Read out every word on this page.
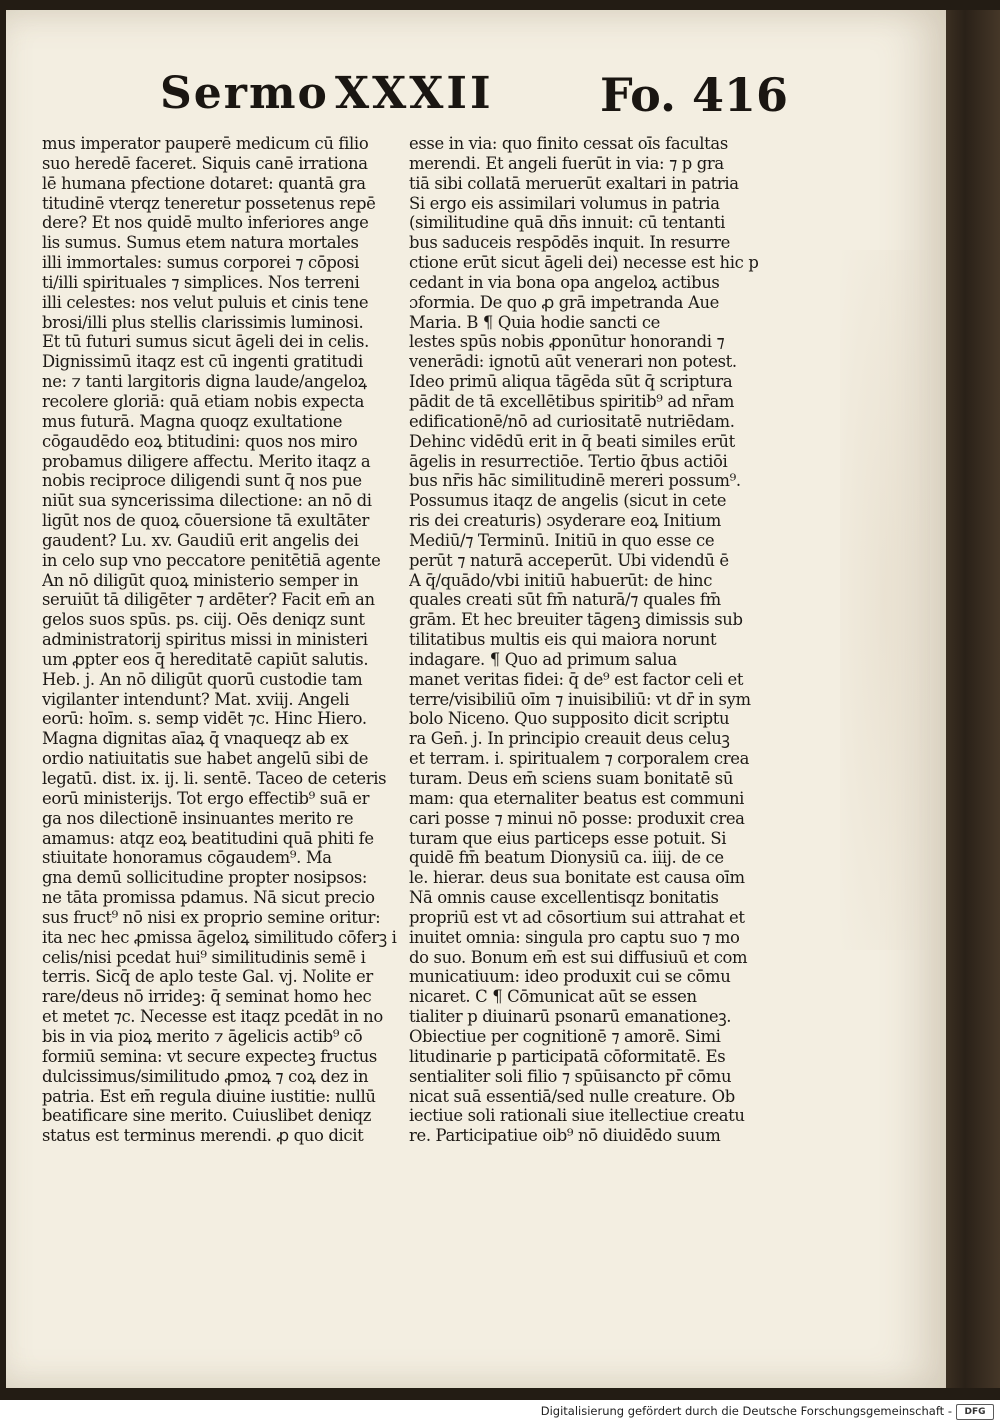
Sermo XXXII Fo. 416
mus imperator pauperē medicum cū filio
suo heredē faceret. Siquis canē irrationa
lē humana pfectione dotaret: quantā gra
titudinē vterqz teneretur possetenus repē
dere? Et nos quidē multo inferiores ange
lis sumus. Sumus etem natura mortales
illi immortales: sumus corporei ⁊ cōposi
ti/illi spirituales ⁊ simplices. Nos terreni
illi celestes: nos velut puluis et cinis tene
brosi/illi plus stellis clarissimis luminosi.
Et tū futuri sumus sicut āgeli dei in celis.
Dignissimū itaqz est cū ingenti gratitudi
ne: ⁊ tanti largitoris digna laude/angeloꝝ
recolere gloriā: quā etiam nobis expecta
mus futurā. Magna quoqz exultatione
cōgaudēdo eoꝝ btitudini: quos nos miro
probamus diligere affectu. Merito itaqz a
nobis reciproce diligendi sunt q̄ nos pue
niūt sua syncerissima dilectione: an nō di
ligūt nos de quoꝝ cōuersione tā exultāter
gaudent? Lu. xv. Gaudiū erit angelis dei
in celo sup vno peccatore penitētiā agente
An nō diligūt quoꝝ ministerio semper in
seruiūt tā diligēter ⁊ ardēter? Facit em̄ an
gelos suos spūs. ps. ciij. Oēs deniqz sunt
administratorij spiritus missi in ministeri
um ꝓpter eos q̄ hereditatē capiūt salutis.
Heb. j. An nō diligūt quorū custodie tam
vigilanter intendunt? Mat. xviij. Angeli
eorū: hoīm. s. semp vidēt ⁊c. Hinc Hiero.
Magna dignitas aīaꝝ q̄ vnaqueqz ab ex
ordio natiuitatis sue habet angelū sibi de
legatū. dist. ix. ij. li. sentē. Taceo de ceteris
eorū ministerijs. Tot ergo effectib⁹ suā er
ga nos dilectionē insinuantes merito re
amamus: atqz eoꝝ beatitudini quā phiti fe
stiuitate honoramus cōgaudem⁹. Ma
gna demū sollicitudine propter nosipsos:
ne tāta promissa pdamus. Nā sicut precio
sus fruct⁹ nō nisi ex proprio semine oritur:
ita nec hec ꝓmissa āgeloꝝ similitudo cōferꝫ i
celis/nisi pcedat hui⁹ similitudinis semē i
terris. Sicq̄ de aplo teste Gal. vj. Nolite er
rare/deus nō irrideꝫ: q̄ seminat homo hec
et metet ⁊c. Necesse est itaqz pcedāt in no
bis in via pioꝝ merito ⁊ āgelicis actib⁹ cō
formiū semina: vt secure expecteꝫ fructus
dulcissimus/similitudo ꝓmoꝝ ⁊ coꝝ dez in
patria. Est em̄ regula diuine iustitie: nullū
beatificare sine merito. Cuiuslibet deniqz
status est terminus merendi. ꝓ quo dicit
esse in via: quo finito cessat oīs facultas
merendi. Et angeli fuerūt in via: ⁊ p gra
tiā sibi collatā meruerūt exaltari in patria
Si ergo eis assimilari volumus in patria
(similitudine quā dn̄s innuit: cū tentanti
bus saduceis respōdēs inquit. In resurre
ctione erūt sicut āgeli dei) necesse est hic p
cedant in via bona opa angeloꝝ actibus
ɔformia. De quo ꝓ grā impetranda Aue
Maria. B ¶ Quia hodie sancti ce
lestes spūs nobis ꝓponūtur honorandi ⁊
venerādi: ignotū aūt venerari non potest.
Ideo primū aliqua tāgēda sūt q̄ scriptura
pādit de tā excellētibus spiritib⁹ ad nr̄am
edificationē/nō ad curiositatē nutriēdam.
Dehinc vidēdū erit in q̄ beati similes erūt
āgelis in resurrectiōe. Tertio q̄bus actiōi
bus nr̄is hāc similitudinē mereri possum⁹.
Possumus itaqz de angelis (sicut in cete
ris dei creaturis) ɔsyderare eoꝝ Initium
Mediū/⁊ Terminū. Initiū in quo esse ce
perūt ⁊ naturā acceperūt. Ubi videndū ē
A q̄/quādo/vbi initiū habuerūt: de hinc
quales creati sūt fm̄ naturā/⁊ quales fm̄
grām. Et hec breuiter tāgenꝫ dimissis sub
tilitatibus multis eis qui maiora norunt
indagare. ¶ Quo ad primum salua
manet veritas fidei: q̄ de⁹ est factor celi et
terre/visibiliū oīm ⁊ inuisibiliū: vt dr̄ in sym
bolo Niceno. Quo supposito dicit scriptu
ra Gen̄. j. In principio creauit deus celuꝫ
et terram. i. spiritualem ⁊ corporalem crea
turam. Deus em̄ sciens suam bonitatē sū
mam: qua eternaliter beatus est communi
cari posse ⁊ minui nō posse: produxit crea
turam que eius particeps esse potuit. Si
quidē fm̄ beatum Dionysiū ca. iiij. de ce
le. hierar. deus sua bonitate est causa oīm
Nā omnis cause excellentisqz bonitatis
propriū est vt ad cōsortium sui attrahat et
inuitet omnia: singula pro captu suo ⁊ mo
do suo. Bonum em̄ est sui diffusiuū et com
municatiuum: ideo produxit cui se cōmu
nicaret. C ¶ Cōmunicat aūt se essen
tialiter p diuinarū psonarū emanationeꝫ.
Obiectiue per cognitionē ⁊ amorē. Simi
litudinarie p participatā cōformitatē. Es
sentialiter soli filio ⁊ spūisancto pr̄ cōmu
nicat suā essentiā/sed nulle creature. Ob
iectiue soli rationali siue itellectiue creatu
re. Participatiue oib⁹ nō diuidēdo suum
Digitalisierung gefördert durch die Deutsche Forschungsgemeinschaft -	DFG
